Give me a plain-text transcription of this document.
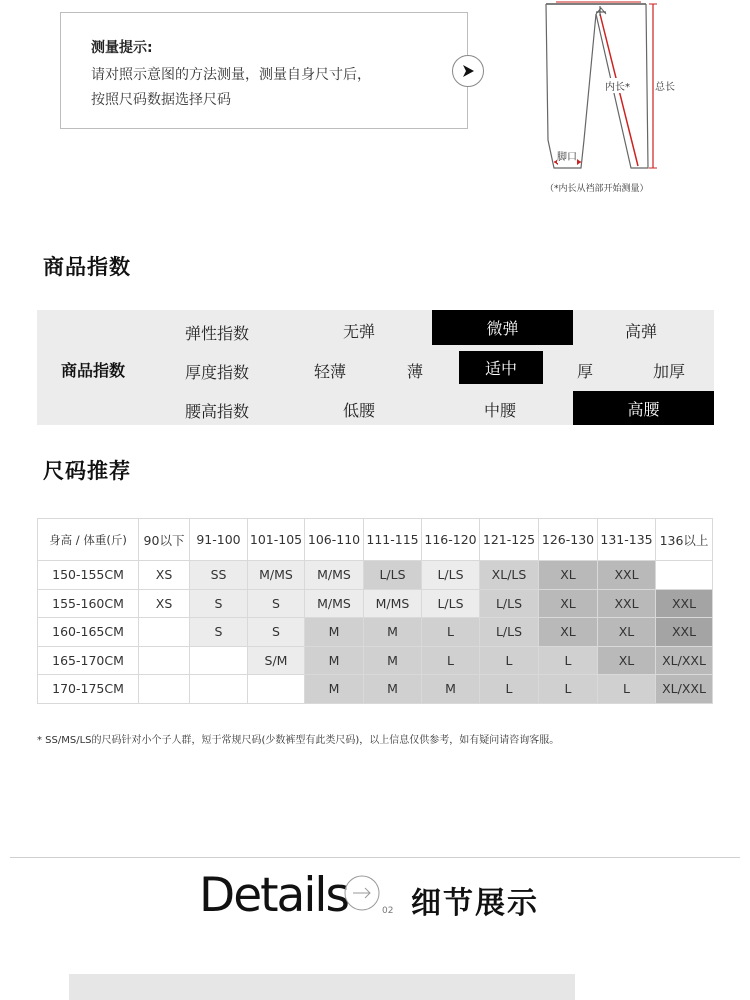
测量提示:
请对照示意图的方法测量，测量自身尺寸后，
按照尺码数据选择尺码
内长*	总长
脚口
（*内长从裆部开始测量）
商品指数
商品指数
弹性指数	无弹	微弹	高弹
厚度指数	轻薄	薄	适中	厚	加厚
腰高指数	低腰	中腰	高腰
尺码推荐
身高 / 体重(斤)	90以下	91-100	101-105	106-110	111-115	116-120	121-125	126-130	131-135	136以上
150-155CM	XS	SS	M/MS	M/MS	L/LS	L/LS	XL/LS	XL	XXL	
155-160CM	XS	S	S	M/MS	M/MS	L/LS	L/LS	XL	XXL	XXL
160-165CM		S	S	M	M	L	L/LS	XL	XL	XXL
165-170CM			S/M	M	M	L	L	L	XL	XL/XXL
170-175CM				M	M	M	L	L	L	XL/XXL
* SS/MS/LS的尺码针对小个子人群，短于常规尺码(少数裤型有此类尺码)，以上信息仅供参考，如有疑问请咨询客服。
Details	02 细节展示
